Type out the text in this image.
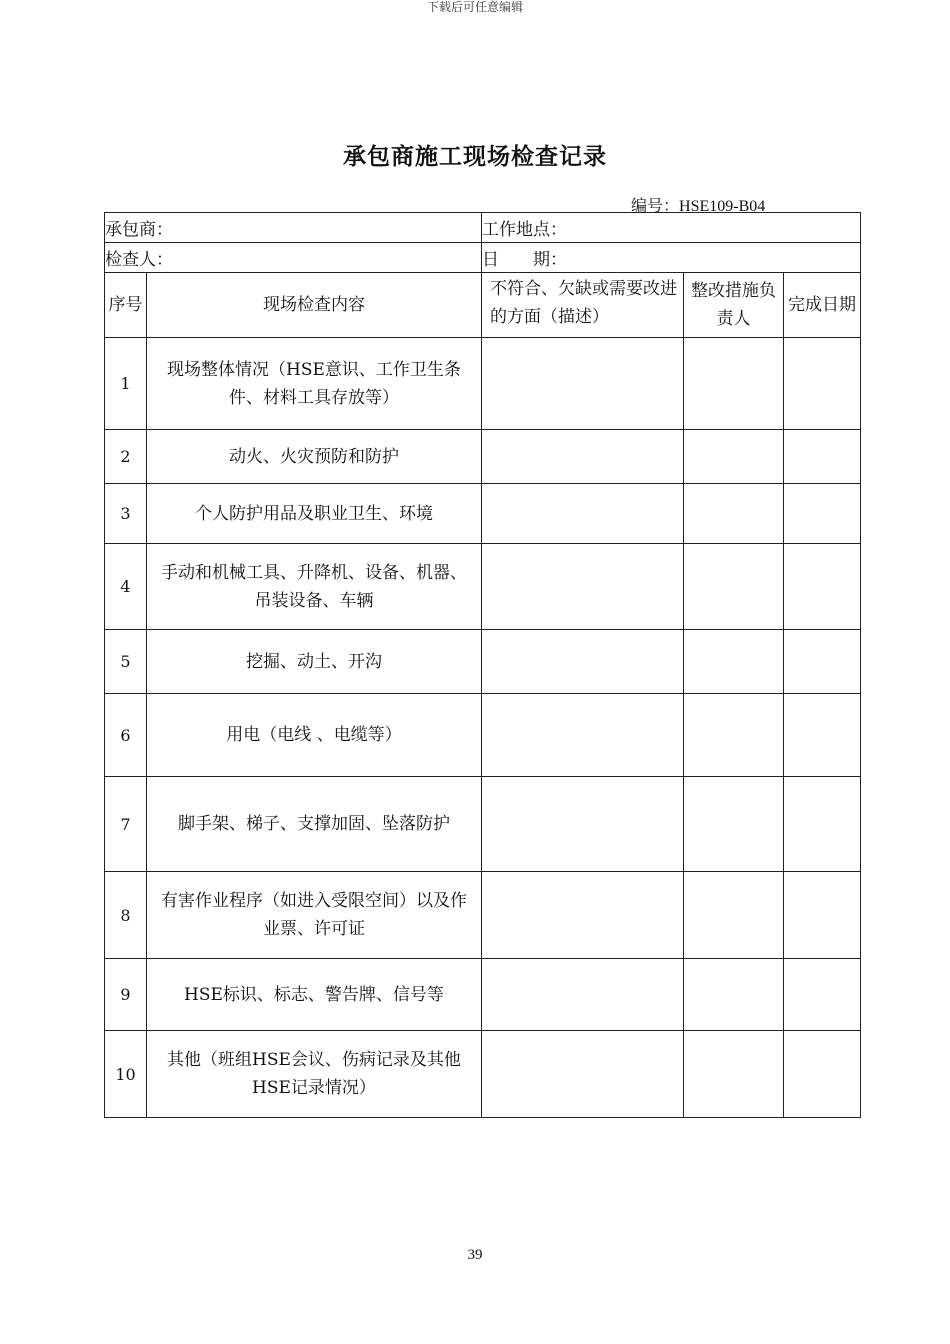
下载后可任意编辑
承包商施工现场检查记录
编号：HSE109-B04
承包商：		工作地点：		
检查人：		日　　期：		
序号	现场检查内容	不符合、欠缺或需要改进的方面（描述）	整改措施负责人	完成日期
1	现场整体情况（HSE意识、工作卫生条件、材料工具存放等）			
2	动火、火灾预防和防护			
3	个人防护用品及职业卫生、环境			
4	手动和机械工具、升降机、设备、机器、吊装设备、车辆			
5	挖掘、动土、开沟			
6	用电（电线 、电缆等）			
7	脚手架、梯子、支撑加固、坠落防护			
8	有害作业程序（如进入受限空间）以及作业票、许可证			
9	HSE标识、标志、警告牌、信号等			
10	其他（班组HSE会议、伤病记录及其他HSE记录情况）			
39
